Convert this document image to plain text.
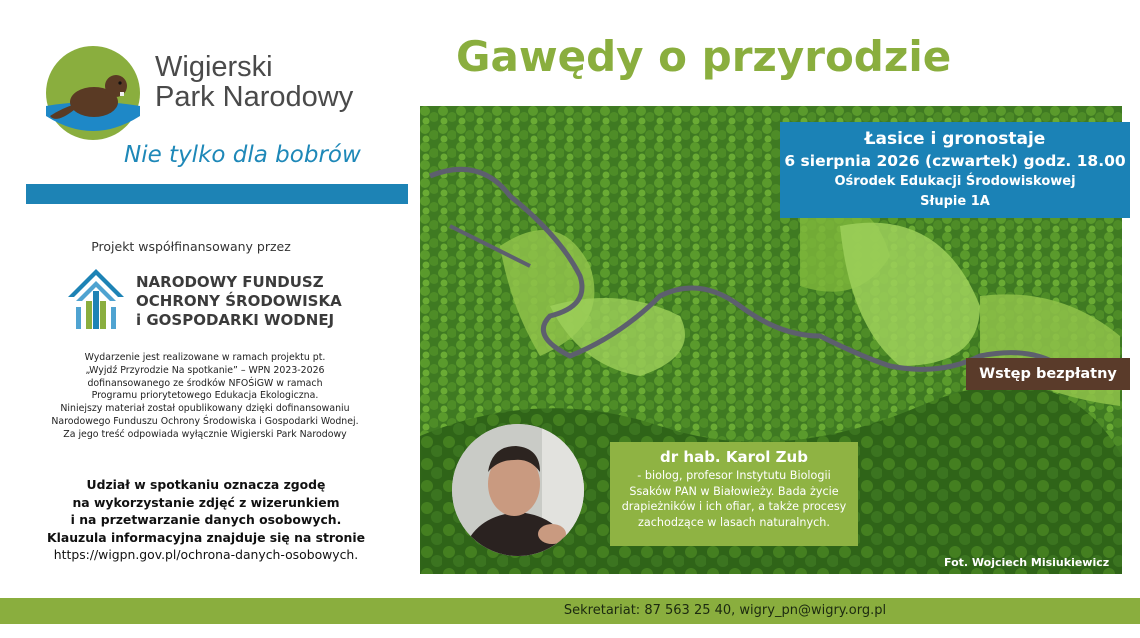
Wigierski
Park Narodowy
Nie tylko dla bobrów
Projekt współfinansowany przez
NARODOWY FUNDUSZ
OCHRONY ŚRODOWISKA
i GOSPODARKI WODNEJ
Wydarzenie jest realizowane w ramach projektu pt.
„Wyjdź Przyrodzie Na spotkanie” – WPN 2023-2026
dofinansowanego ze środków NFOŚiGW w ramach
Programu priorytetowego Edukacja Ekologiczna.
Niniejszy materiał został opublikowany dzięki dofinansowaniu
Narodowego Funduszu Ochrony Środowiska i Gospodarki Wodnej.
Za jego treść odpowiada wyłącznie Wigierski Park Narodowy
Udział w spotkaniu oznacza zgodę
na wykorzystanie zdjęć z wizerunkiem
i na przetwarzanie danych osobowych.
Klauzula informacyjna znajduje się na stronie
https://wigpn.gov.pl/ochrona-danych-osobowych.
Gawędy o przyrodzie
Łasice i gronostaje
6 sierpnia 2026 (czwartek) godz. 18.00
Ośrodek Edukacji Środowiskowej
Słupie 1A
Wstęp bezpłatny
dr hab. Karol Zub
- biolog, profesor Instytutu Biologii Ssaków PAN w Białowieży. Bada życie drapieżników i ich ofiar, a także procesy zachodzące w lasach naturalnych.
Fot. Wojciech Misiukiewicz
Sekretariat: 87 563 25 40, wigry_pn@wigry.org.pl
